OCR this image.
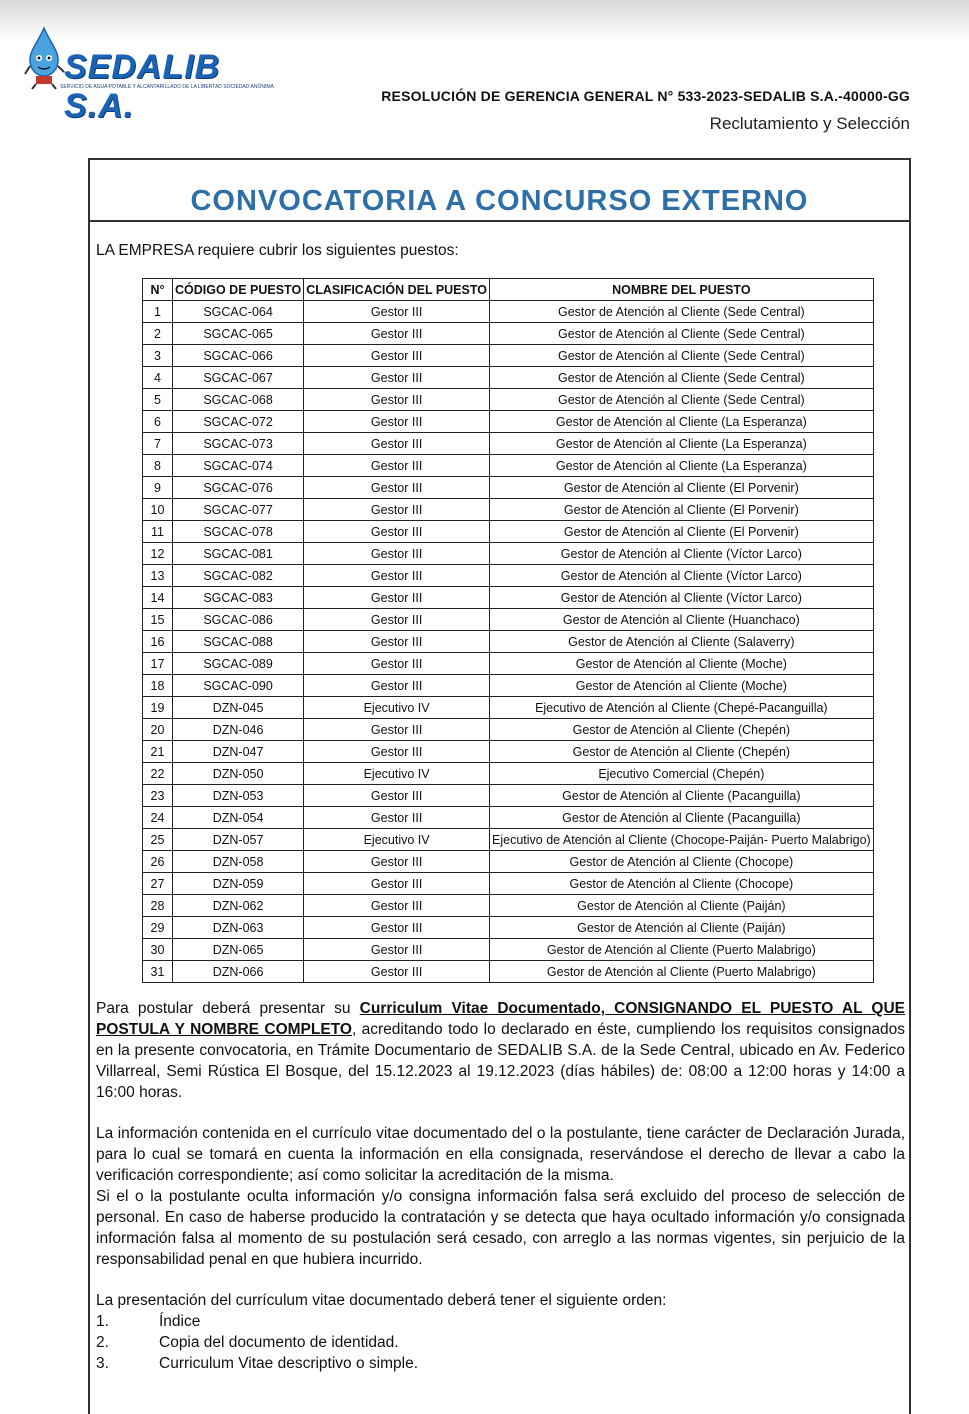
SEDALIB S.A.
SERVICIO DE AGUA POTABLE Y ALCANTARILLADO DE LA LIBERTAD SOCIEDAD ANÓNIMA
RESOLUCIÓN DE GERENCIA GENERAL N° 533-2023-SEDALIB S.A.-40000-GG
Reclutamiento y Selección
CONVOCATORIA A CONCURSO EXTERNO
LA EMPRESA requiere cubrir los siguientes puestos:
N°	CÓDIGO DE PUESTO	CLASIFICACIÓN DEL PUESTO	NOMBRE DEL PUESTO
1	SGCAC-064	Gestor III	Gestor de Atención al Cliente (Sede Central)
2	SGCAC-065	Gestor III	Gestor de Atención al Cliente (Sede Central)
3	SGCAC-066	Gestor III	Gestor de Atención al Cliente (Sede Central)
4	SGCAC-067	Gestor III	Gestor de Atención al Cliente (Sede Central)
5	SGCAC-068	Gestor III	Gestor de Atención al Cliente (Sede Central)
6	SGCAC-072	Gestor III	Gestor de Atención al Cliente (La Esperanza)
7	SGCAC-073	Gestor III	Gestor de Atención al Cliente (La Esperanza)
8	SGCAC-074	Gestor III	Gestor de Atención al Cliente (La Esperanza)
9	SGCAC-076	Gestor III	Gestor de Atención al Cliente (El Porvenir)
10	SGCAC-077	Gestor III	Gestor de Atención al Cliente (El Porvenir)
11	SGCAC-078	Gestor III	Gestor de Atención al Cliente (El Porvenir)
12	SGCAC-081	Gestor III	Gestor de Atención al Cliente (Víctor Larco)
13	SGCAC-082	Gestor III	Gestor de Atención al Cliente (Víctor Larco)
14	SGCAC-083	Gestor III	Gestor de Atención al Cliente (Víctor Larco)
15	SGCAC-086	Gestor III	Gestor de Atención al Cliente (Huanchaco)
16	SGCAC-088	Gestor III	Gestor de Atención al Cliente (Salaverry)
17	SGCAC-089	Gestor III	Gestor de Atención al Cliente (Moche)
18	SGCAC-090	Gestor III	Gestor de Atención al Cliente (Moche)
19	DZN-045	Ejecutivo IV	Ejecutivo de Atención al Cliente (Chepé-Pacanguilla)
20	DZN-046	Gestor III	Gestor de Atención al Cliente (Chepén)
21	DZN-047	Gestor III	Gestor de Atención al Cliente (Chepén)
22	DZN-050	Ejecutivo IV	Ejecutivo Comercial (Chepén)
23	DZN-053	Gestor III	Gestor de Atención al Cliente (Pacanguilla)
24	DZN-054	Gestor III	Gestor de Atención al Cliente (Pacanguilla)
25	DZN-057	Ejecutivo IV	Ejecutivo de Atención al Cliente (Chocope-Paiján- Puerto Malabrigo)
26	DZN-058	Gestor III	Gestor de Atención al Cliente (Chocope)
27	DZN-059	Gestor III	Gestor de Atención al Cliente (Chocope)
28	DZN-062	Gestor III	Gestor de Atención al Cliente (Paiján)
29	DZN-063	Gestor III	Gestor de Atención al Cliente (Paiján)
30	DZN-065	Gestor III	Gestor de Atención al Cliente (Puerto Malabrigo)
31	DZN-066	Gestor III	Gestor de Atención al Cliente (Puerto Malabrigo)

Para postular deberá presentar su Curriculum Vitae Documentado, CONSIGNANDO EL PUESTO AL QUE POSTULA Y NOMBRE COMPLETO, acreditando todo lo declarado en éste, cumpliendo los requisitos consignados en la presente convocatoria, en Trámite Documentario de SEDALIB S.A. de la Sede Central, ubicado en Av. Federico Villarreal, Semi Rústica El Bosque, del 15.12.2023 al 19.12.2023 (días hábiles) de: 08:00 a 12:00 horas y 14:00 a 16:00 horas.

La información contenida en el currículo vitae documentado del o la postulante, tiene carácter de Declaración Jurada, para lo cual se tomará en cuenta la información en ella consignada, reservándose el derecho de llevar a cabo la verificación correspondiente; así como solicitar la acreditación de la misma.
Si el o la postulante oculta información y/o consigna información falsa será excluido del proceso de selección de personal. En caso de haberse producido la contratación y se detecta que haya ocultado información y/o consignada información falsa al momento de su postulación será cesado, con arreglo a las normas vigentes, sin perjuicio de la responsabilidad penal en que hubiera incurrido.

La presentación del currículum vitae documentado deberá tener el siguiente orden:
1.	Índice
2.	Copia del documento de identidad.
3.	Curriculum Vitae descriptivo o simple.
